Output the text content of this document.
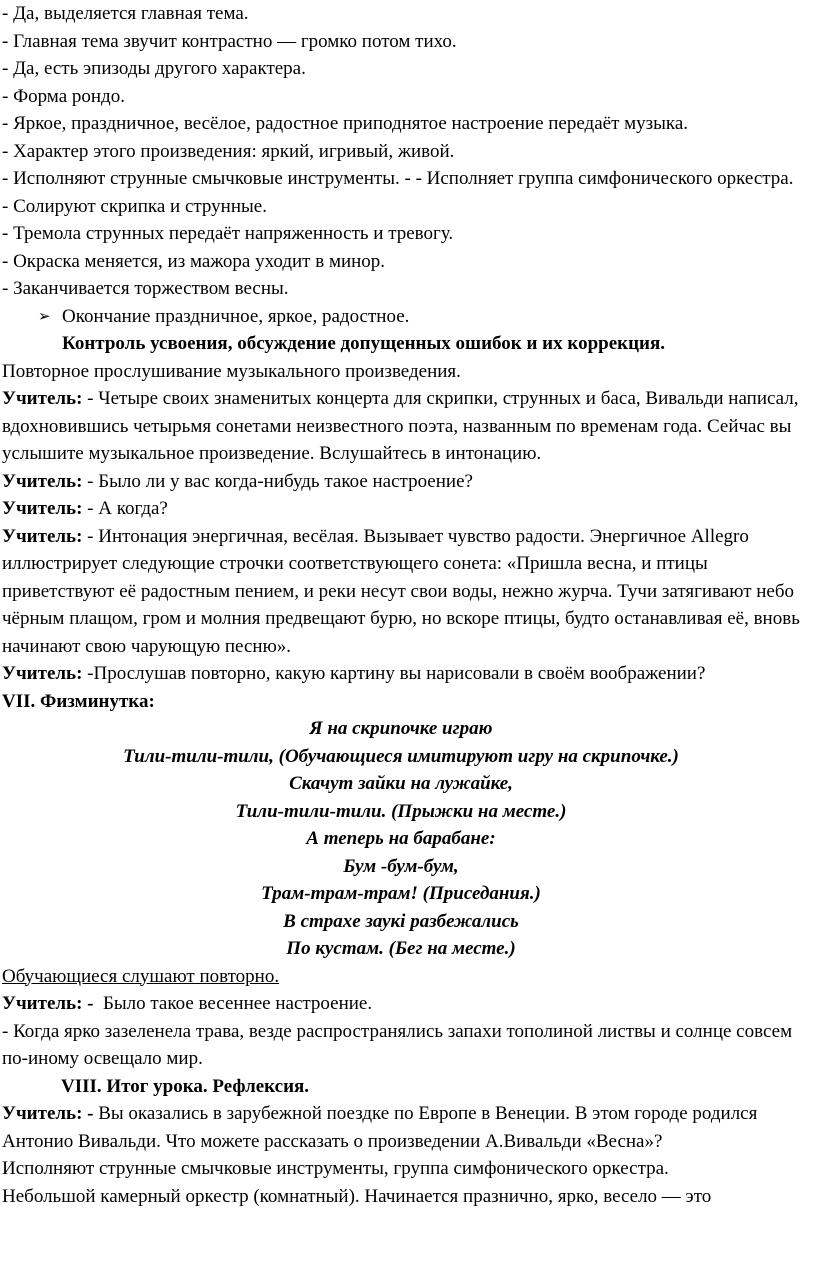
- Да, выделяется главная тема.
- Главная тема звучит контрастно — громко потом тихо.
- Да, есть эпизоды другого характера.
- Форма рондо.
- Яркое, праздничное, весёлое, радостное приподнятое настроение передаёт музыка.
- Характер этого произведения: яркий, игривый, живой.
- Исполняют струнные смычковые инструменты. - - Исполняет группа симфонического оркестра.
- Солируют скрипка и струнные.
- Тремола струнных передаёт напряженность и тревогу.
- Окраска меняется, из мажора уходит в минор.
- Заканчивается торжеством весны.
➢ Окончание праздничное, яркое, радостное.
Контроль усвоения, обсуждение допущенных ошибок и их коррекция.
Повторное прослушивание музыкального произведения.
Учитель: - Четыре своих знаменитых концерта для скрипки, струнных и баса, Вивальди написал, вдохновившись четырьмя сонетами неизвестного поэта, названным по временам года. Сейчас вы услышите музыкальное произведение. Вслушайтесь в интонацию.
Учитель: - Было ли у вас когда-нибудь такое настроение?
Учитель: - А когда?
Учитель: - Интонация энергичная, весёлая. Вызывает чувство радости. Энергичное Allegro иллюстрирует следующие строчки соответствующего сонета: «Пришла весна, и птицы приветствуют её радостным пением, и реки несут свои воды, нежно журча. Тучи затягивают небо чёрным плащом, гром и молния предвещают бурю, но вскоре птицы, будто останавливая её, вновь начинают свою чарующую песню».
Учитель: -Прослушав повторно, какую картину вы нарисовали в своём воображении?
VII. Физминутка:
Я на скрипочке играю
Тили-тили-тили, (Обучающиеся имитируют игру на скрипочке.)
Скачут зайки на лужайке,
Тили-тили-тили. (Прыжки на месте.)
А теперь на барабане:
Бум -бум-бум,
Трам-трам-трам! (Приседания.)
В страхе заукi разбежались
По кустам. (Бег на месте.)
Обучающиеся слушают повторно.
Учитель: -  Было такое весеннее настроение.
- Когда ярко зазеленела трава, везде распространялись запахи тополиной листвы и солнце совсем по-иному освещало мир.
VIII. Итог урока. Рефлексия.
Учитель: - Вы оказались в зарубежной поездке по Европе в Венеции. В этом городе родился Антонио Вивальди. Что можете рассказать о произведении А.Вивальди «Весна»?
Исполняют струнные смычковые инструменты, группа симфонического оркестра.
Небольшой камерный оркестр (комнатный). Начинается празнично, ярко, весело — это
